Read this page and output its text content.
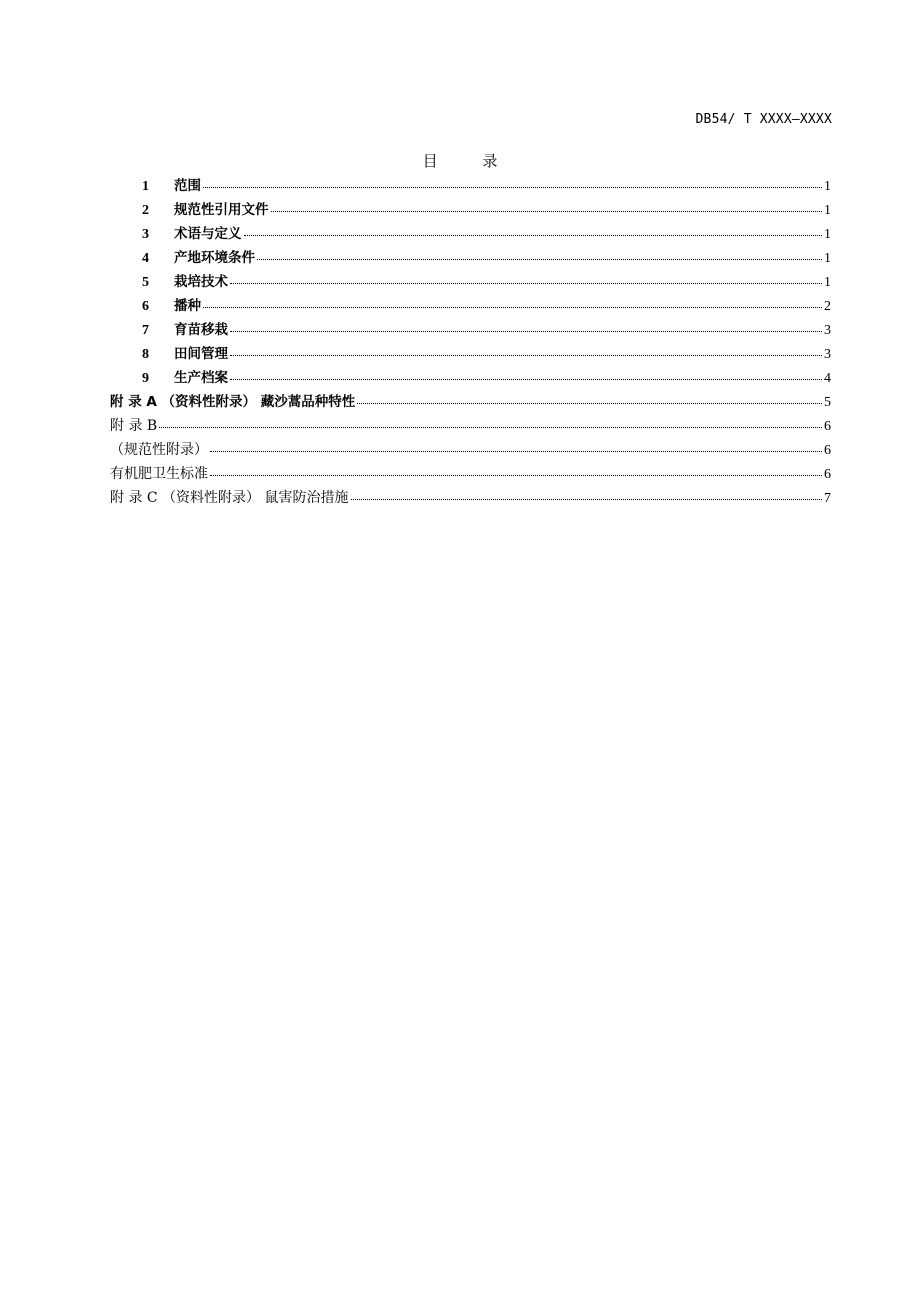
DB54/ T XXXX—XXXX
目 录
1	范围	1
2	规范性引用文件	1
3	术语与定义	1
4	产地环境条件	1
5	栽培技术	1
6	播种	2
7	育苗移栽	3
8	田间管理	3
9	生产档案	4
附 录 A （资料性附录） 藏沙蒿品种特性	5
附 录 B	6
（规范性附录）	6
有机肥卫生标准	6
附 录 C （资料性附录） 鼠害防治措施	7
